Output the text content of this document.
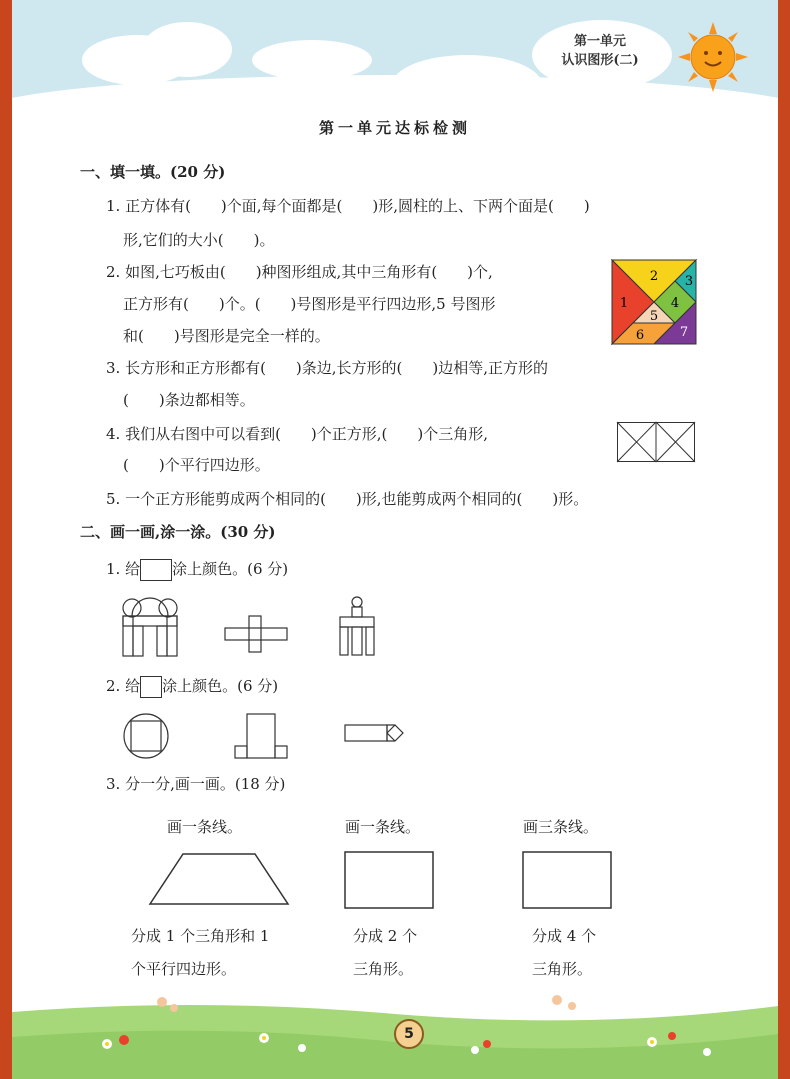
第一单元
认识图形(二)
第一单元达标检测
一、填一填。(20 分)
1. 正方体有(　　)个面,每个面都是(　　)形,圆柱的上、下两个面是(　　)
形,它们的大小(　　)。
2. 如图,七巧板由(　　)种图形组成,其中三角形有(　　)个,
正方形有(　　)个。(　　)号图形是平行四边形,5 号图形
和(　　)号图形是完全一样的。
1
2 3
4
5
6	7
3. 长方形和正方形都有(　　)条边,长方形的(　　)边相等,正方形的
(　　)条边都相等。
4. 我们从右图中可以看到(　　)个正方形,(　　)个三角形,
(　　)个平行四边形。
5. 一个正方形能剪成两个相同的(　　)形,也能剪成两个相同的(　　)形。
二、画一画,涂一涂。(30 分)
1. 给 涂上颜色。(6 分)
2. 给 涂上颜色。(6 分)
3. 分一分,画一画。(18 分)
画一条线。	画一条线。	画三条线。
分成 1 个三角形和 1
个平行四边形。
分成 2 个
三角形。
分成 4 个
三角形。
5
